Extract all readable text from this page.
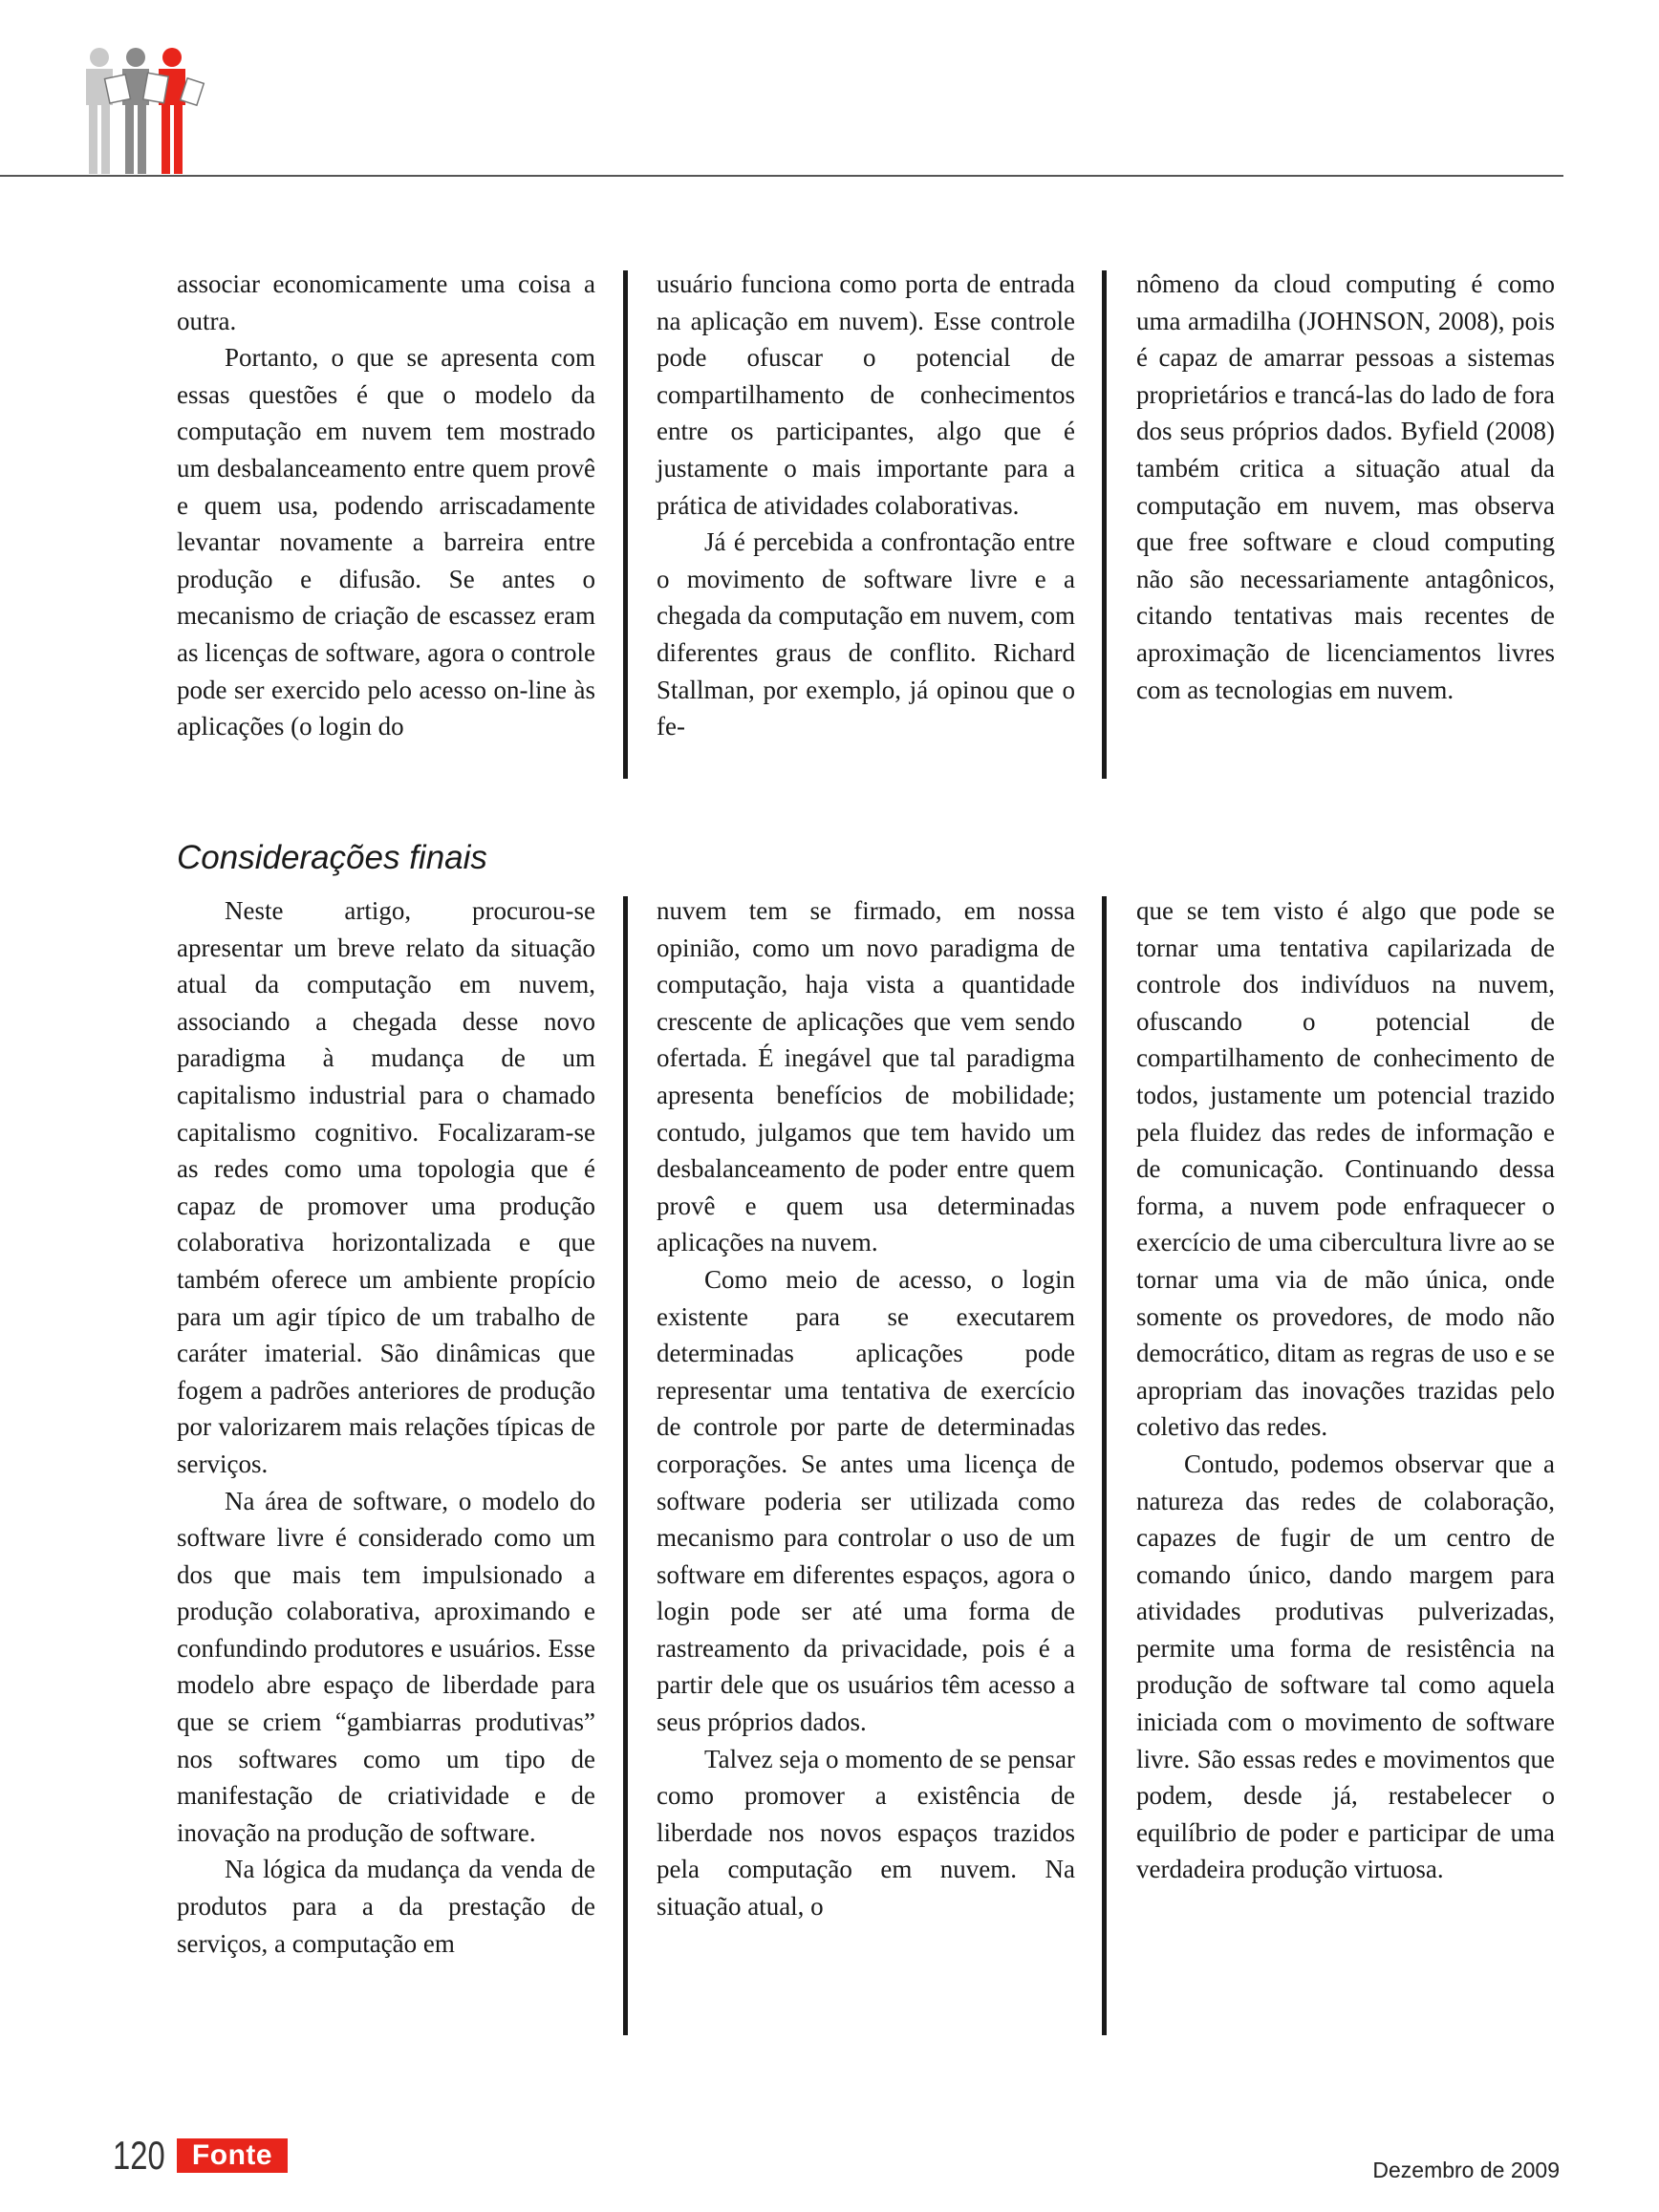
associar economicamente uma coisa a outra.

Portanto, o que se apresenta com essas questões é que o modelo da computação em nuvem tem mostrado um desbalanceamento entre quem provê e quem usa, podendo arriscadamente levantar novamente a barreira entre produção e difusão. Se antes o mecanismo de criação de escassez eram as licenças de software, agora o controle pode ser exercido pelo acesso on-line às aplicações (o login do

usuário funciona como porta de entrada na aplicação em nuvem). Esse controle pode ofuscar o potencial de compartilhamento de conhecimentos entre os participantes, algo que é justamente o mais importante para a prática de atividades colaborativas.

Já é percebida a confrontação entre o movimento de software livre e a chegada da computação em nuvem, com diferentes graus de conflito. Richard Stallman, por exemplo, já opinou que o fe-

nômeno da cloud computing é como uma armadilha (JOHNSON, 2008), pois é capaz de amarrar pessoas a sistemas proprietários e trancá-las do lado de fora dos seus próprios dados. Byfield (2008) também critica a situação atual da computação em nuvem, mas observa que free software e cloud computing não são necessariamente antagônicos, citando tentativas mais recentes de aproximação de licenciamentos livres com as tecnologias em nuvem.

Considerações finais

Neste artigo, procurou-se apresentar um breve relato da situação atual da computação em nuvem, associando a chegada desse novo paradigma à mudança de um capitalismo industrial para o chamado capitalismo cognitivo. Focalizaram-se as redes como uma topologia que é capaz de promover uma produção colaborativa horizontalizada e que também oferece um ambiente propício para um agir típico de um trabalho de caráter imaterial. São dinâmicas que fogem a padrões anteriores de produção por valorizarem mais relações típicas de serviços.

Na área de software, o modelo do software livre é considerado como um dos que mais tem impulsionado a produção colaborativa, aproximando e confundindo produtores e usuários. Esse modelo abre espaço de liberdade para que se criem “gambiarras produtivas” nos softwares como um tipo de manifestação de criatividade e de inovação na produção de software.

Na lógica da mudança da venda de produtos para a da prestação de serviços, a computação em

nuvem tem se firmado, em nossa opinião, como um novo paradigma de computação, haja vista a quantidade crescente de aplicações que vem sendo ofertada. É inegável que tal paradigma apresenta benefícios de mobilidade; contudo, julgamos que tem havido um desbalanceamento de poder entre quem provê e quem usa determinadas aplicações na nuvem.

Como meio de acesso, o login existente para se executarem determinadas aplicações pode representar uma tentativa de exercício de controle por parte de determinadas corporações. Se antes uma licença de software poderia ser utilizada como mecanismo para controlar o uso de um software em diferentes espaços, agora o login pode ser até uma forma de rastreamento da privacidade, pois é a partir dele que os usuários têm acesso a seus próprios dados.

Talvez seja o momento de se pensar como promover a existência de liberdade nos novos espaços trazidos pela computação em nuvem. Na situação atual, o

que se tem visto é algo que pode se tornar uma tentativa capilarizada de controle dos indivíduos na nuvem, ofuscando o potencial de compartilhamento de conhecimento de todos, justamente um potencial trazido pela fluidez das redes de informação e de comunicação. Continuando dessa forma, a nuvem pode enfraquecer o exercício de uma cibercultura livre ao se tornar uma via de mão única, onde somente os provedores, de modo não democrático, ditam as regras de uso e se apropriam das inovações trazidas pelo coletivo das redes.

Contudo, podemos observar que a natureza das redes de colaboração, capazes de fugir de um centro de comando único, dando margem para atividades produtivas pulverizadas, permite uma forma de resistência na produção de software tal como aquela iniciada com o movimento de software livre. São essas redes e movimentos que podem, desde já, restabelecer o equilíbrio de poder e participar de uma verdadeira produção virtuosa.

120 Fonte	Dezembro de 2009
